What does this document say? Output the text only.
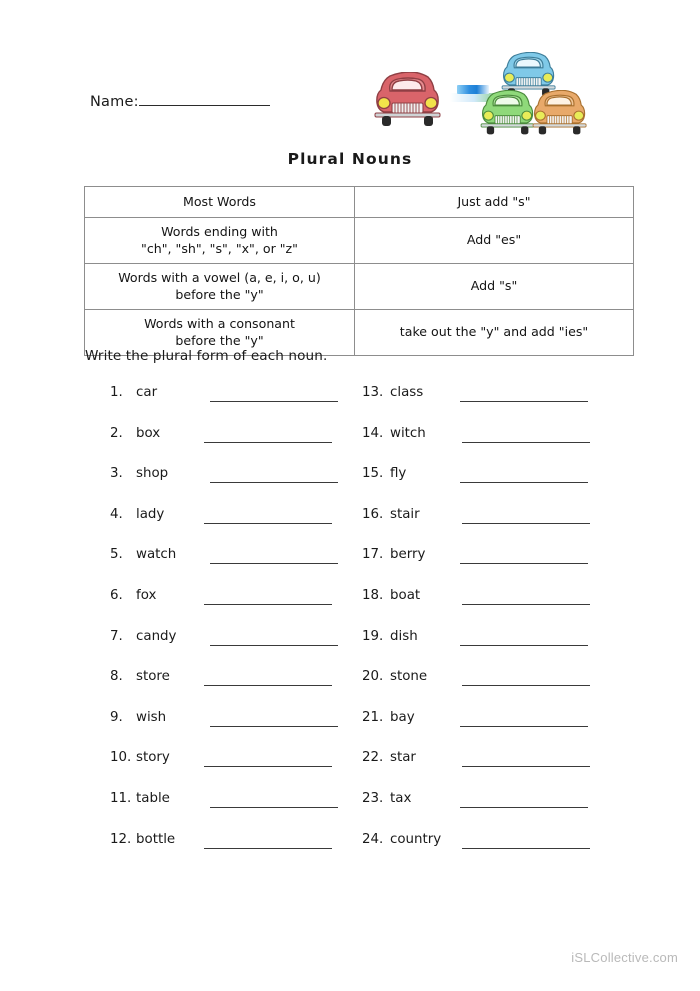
Name:
Plural Nouns
Most Words	Just add "s"
Words ending with
"ch", "sh", "s", "x", or "z"	Add "es"
Words with a vowel (a, e, i, o, u)
before the "y"	Add "s"
Words with a consonant
before the "y"	take out the "y" and add "ies"
Write the plural form of each noun.
1. car
2. box
3. shop
4. lady
5. watch
6. fox
7. candy
8. store
9. wish
10. story
11. table
12. bottle
13. class
14. witch
15. fly
16. stair
17. berry
18. boat
19. dish
20. stone
21. bay
22. star
23. tax
24. country
iSLCollective.com
